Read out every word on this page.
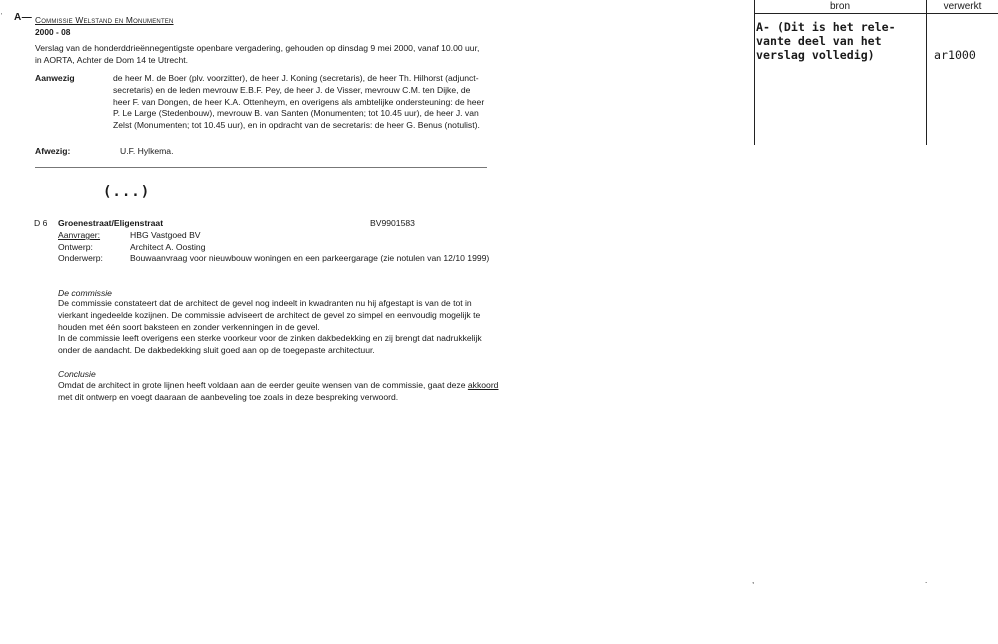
' A— Commissie Welstand en Monumenten
2000 - 08
Verslag van de honderddrieënnegentigste openbare vergadering, gehouden op dinsdag 9 mei 2000, vanaf 10.00 uur, in AORTA, Achter de Dom 14 te Utrecht.
Aanwezig	de heer M. de Boer (plv. voorzitter), de heer J. Koning (secretaris), de heer Th. Hilhorst (adjunct-secretaris) en de leden mevrouw E.B.F. Pey, de heer J. de Visser, mevrouw C.M. ten Dijke, de heer F. van Dongen, de heer K.A. Ottenheym, en overigens als ambtelijke ondersteuning: de heer P. Le Large (Stedenbouw), mevrouw B. van Santen (Monumenten; tot 10.45 uur), de heer J. van Zelst (Monumenten; tot 10.45 uur), en in opdracht van de secretaris: de heer G. Benus (notulist).
Afwezig:	U.F. Hylkema.
(...)
D 6 Groenestraat/Eligenstraat	BV9901583
Aanvrager:	HBG Vastgoed BV
Ontwerp:	Architect A. Oosting
Onderwerp:	Bouwaanvraag voor nieuwbouw woningen en een parkeergarage (zie notulen van 12/10 1999)
De commissie
De commissie constateert dat de architect de gevel nog indeelt in kwadranten nu hij afgestapt is van de tot in vierkant ingedeelde kozijnen. De commissie adviseert de architect de gevel zo simpel en eenvoudig mogelijk te houden met één soort baksteen en zonder verkenningen in de gevel.
In de commissie leeft overigens een sterke voorkeur voor de zinken dakbedekking en zij brengt dat nadrukkelijk onder de aandacht. De dakbedekking sluit goed aan op de toegepaste architectuur.
Conclusie
Omdat de architect in grote lijnen heeft voldaan aan de eerder geuite wensen van de commissie, gaat deze akkoord met dit ontwerp en voegt daaraan de aanbeveling toe zoals in deze bespreking verwoord.
bron	verwerkt
A- (Dit is het rele-
vante deel van het
verslag volledig)	ar1000
,	.
